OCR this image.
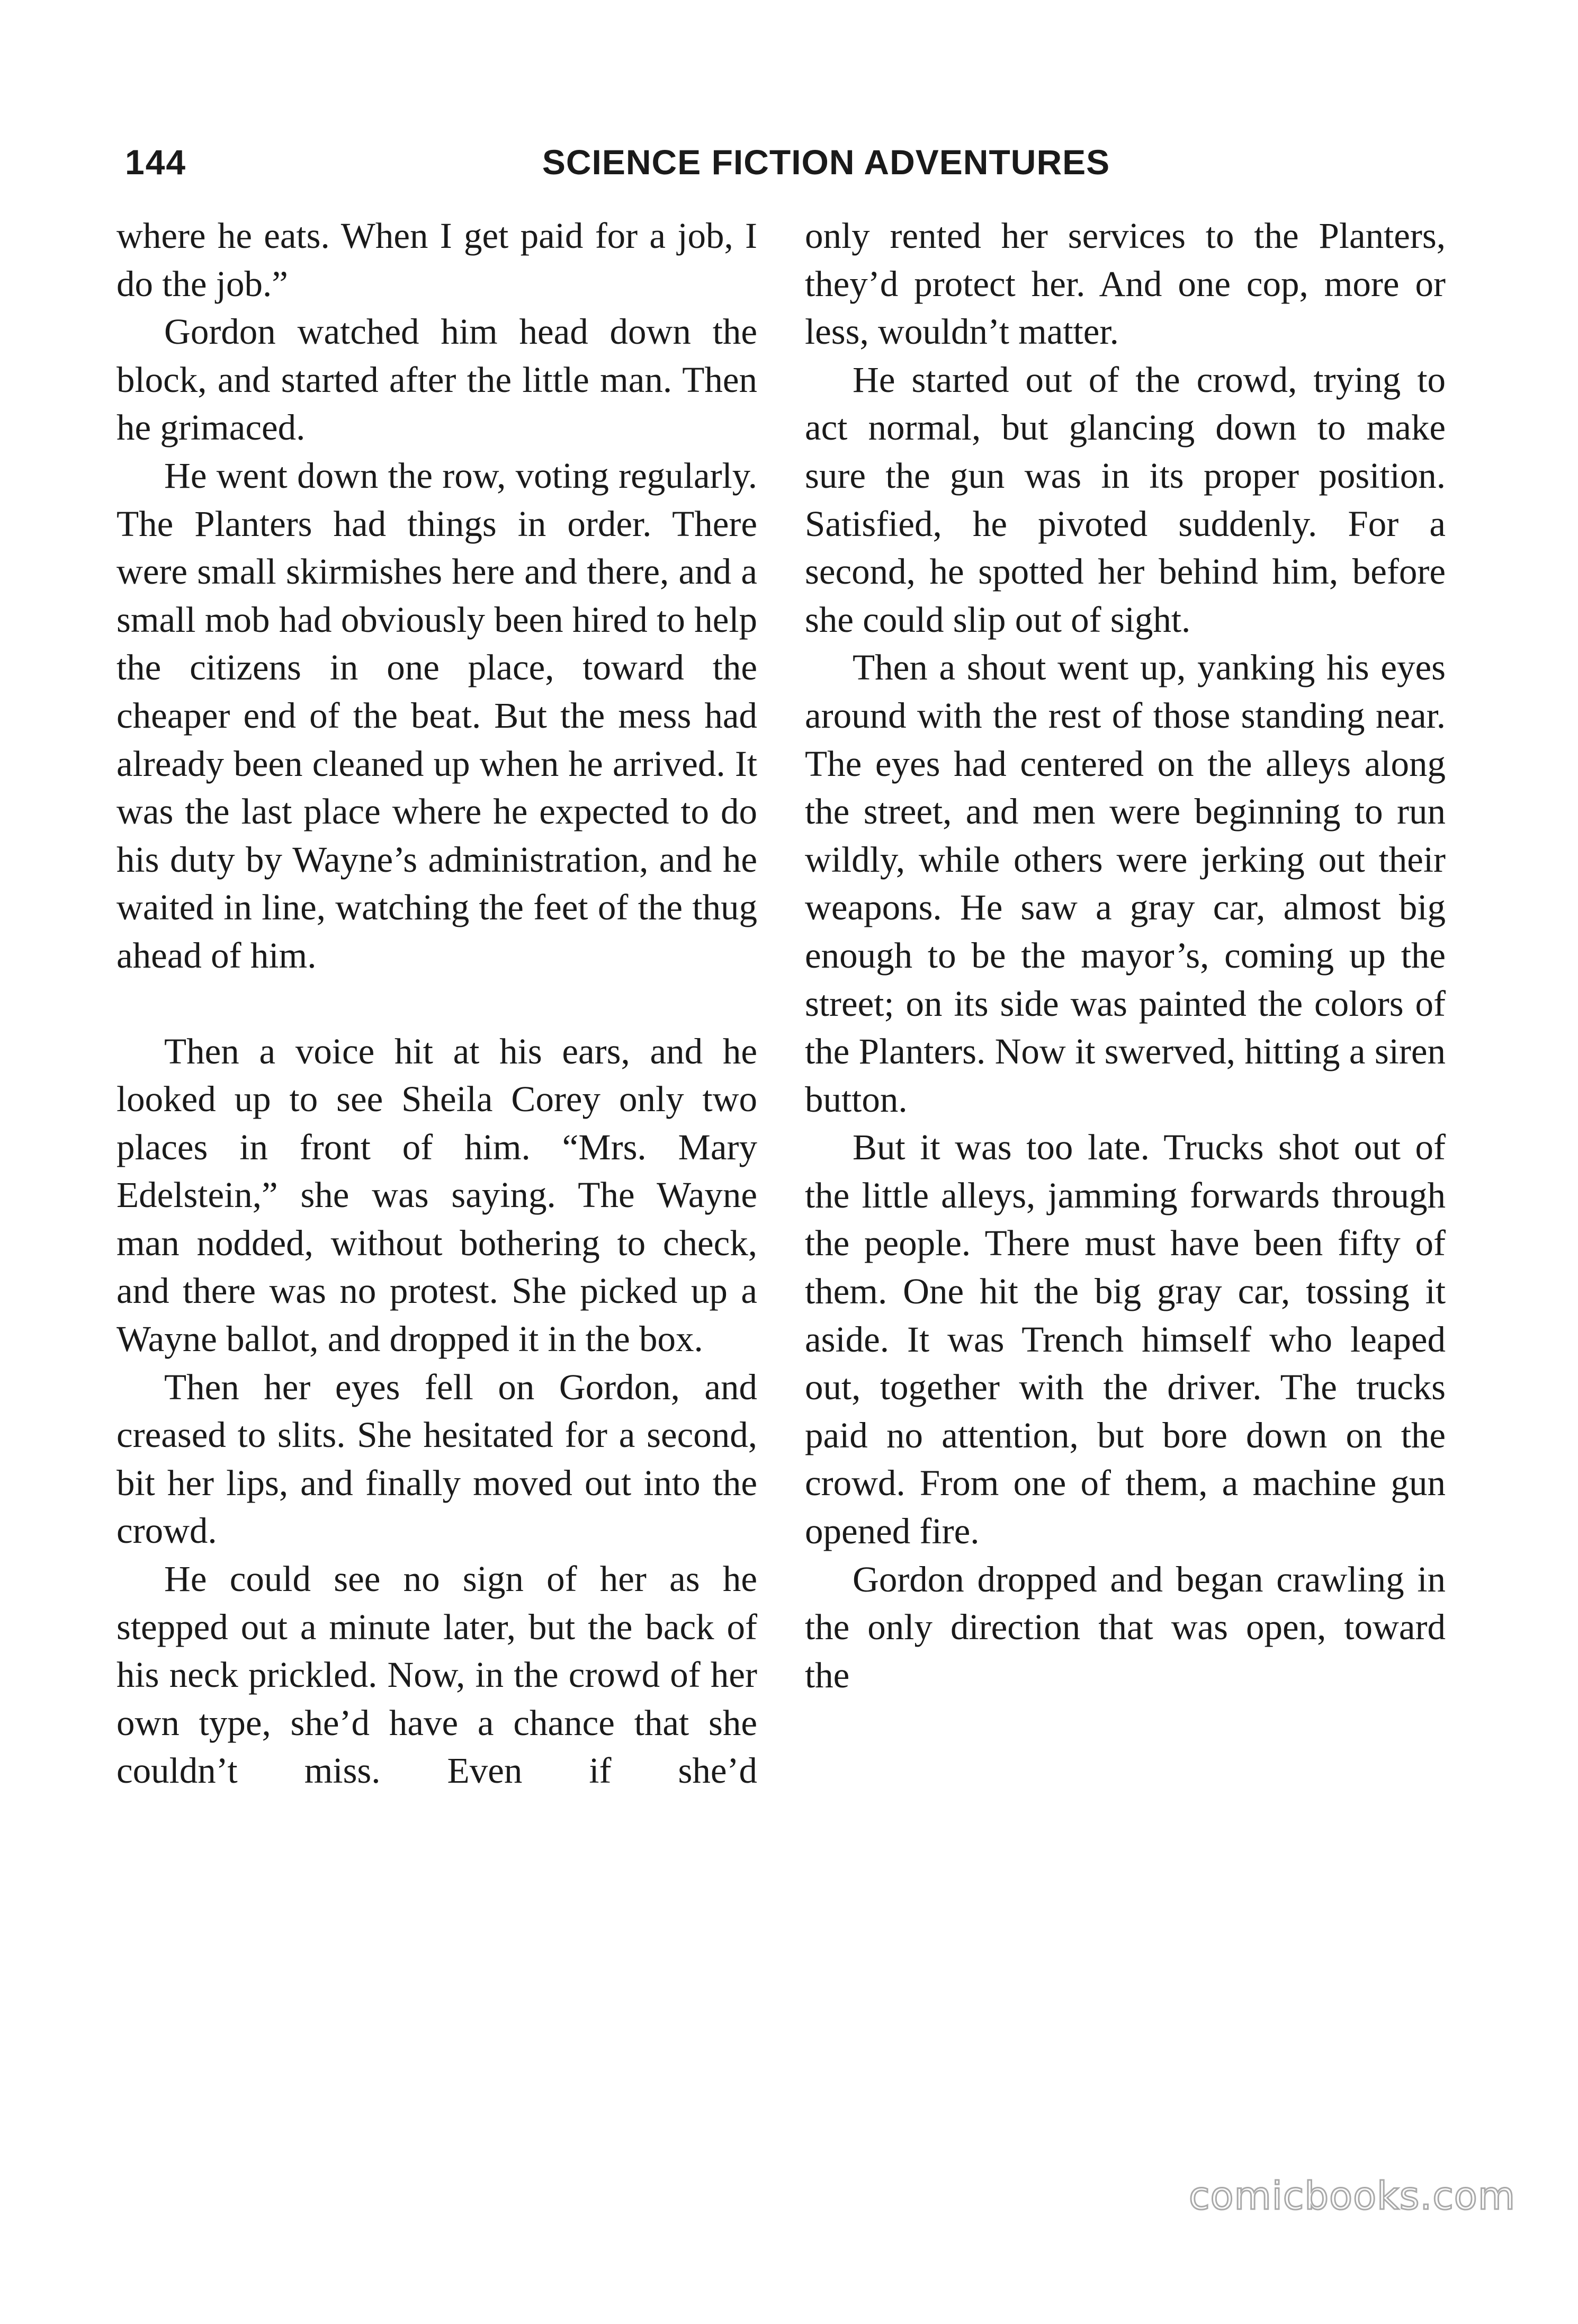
144	SCIENCE FICTION ADVENTURES

where he eats. When I get paid for a job, I do the job.”

Gordon watched him head down the block, and started after the little man. Then he grimaced.

He went down the row, voting regularly. The Planters had things in order. There were small skirmishes here and there, and a small mob had obviously been hired to help the citizens in one place, toward the cheaper end of the beat. But the mess had already been cleaned up when he arrived. It was the last place where he expected to do his duty by Wayne’s administration, and he waited in line, watching the feet of the thug ahead of him.

Then a voice hit at his ears, and he looked up to see Sheila Corey only two places in front of him. “Mrs. Mary Edelstein,” she was saying. The Wayne man nodded, without bothering to check, and there was no protest. She picked up a Wayne ballot, and dropped it in the box.

Then her eyes fell on Gordon, and creased to slits. She hesitated for a second, bit her lips, and finally moved out into the crowd.

He could see no sign of her as he stepped out a minute later, but the back of his neck prickled. Now, in the crowd of her own type, she’d have a chance that she couldn’t miss. Even if she’d

only rented her services to the Planters, they’d protect her. And one cop, more or less, wouldn’t matter.

He started out of the crowd, trying to act normal, but glancing down to make sure the gun was in its proper position. Satisfied, he pivoted suddenly. For a second, he spotted her behind him, before she could slip out of sight.

Then a shout went up, yanking his eyes around with the rest of those standing near. The eyes had centered on the alleys along the street, and men were beginning to run wildly, while others were jerking out their weapons. He saw a gray car, almost big enough to be the mayor’s, coming up the street; on its side was painted the colors of the Planters. Now it swerved, hitting a siren button.

But it was too late. Trucks shot out of the little alleys, jamming forwards through the people. There must have been fifty of them. One hit the big gray car, tossing it aside. It was Trench himself who leaped out, together with the driver. The trucks paid no attention, but bore down on the crowd. From one of them, a machine gun opened fire.

Gordon dropped and began crawling in the only direction that was open, toward the

comicbooks.com
